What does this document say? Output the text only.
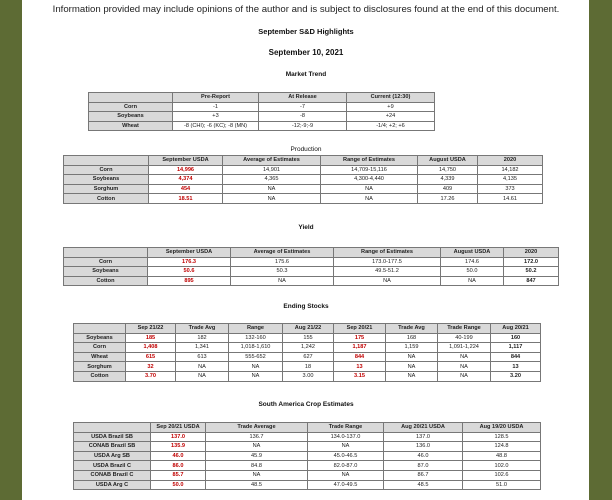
Information provided may include opinions of the author and is subject to disclosures found at the end of this document.
September S&D Highlights
September 10, 2021
Market Trend
Production
Yield
Ending Stocks
South America Crop Estimates
	Pre-Report	At Release	Current (12:30)
Corn	-1	-7	+9
Soybeans	+3	-8	+24
Wheat	-8 (CHI); -6 (KC); -8 (MN)	-12;-9;-9	-1/4; +2; +6
	September USDA	Average of Estimates	Range of Estimates	August USDA	2020
Corn	14,996	14,901	14,709-15,116	14,750	14,182
Soybeans	4,374	4,365	4,300-4,440	4,339	4,135
Sorghum	454	NA	NA	409	373
Cotton	18.51	NA	NA	17.26	14.61
	September USDA	Average of Estimates	Range of Estimates	August USDA	2020
Corn	176.3	175.6	173.0-177.5	174.6	172.0
Soybeans	50.6	50.3	49.5-51.2	50.0	50.2
Cotton	895	NA	NA	NA	847
	Sep 21/22	Trade Avg	Range	Aug 21/22	Sep 20/21	Trade Avg	Trade Range	Aug 20/21
Soybeans	185	182	132-160	155	175	168	40-199	160
Corn	1,408	1,341	1,018-1,610	1,242	1,187	1,159	1,091-1,224	1,117
Wheat	615	613	555-652	627	844	NA	NA	844
Sorghum	32	NA	NA	18	13	NA	NA	13
Cotton	3.70	NA	NA	3.00	3.15	NA	NA	3.20
	Sep 20/21 USDA	Trade Average	Trade Range	Aug 20/21 USDA	Aug 19/20 USDA
USDA Brazil SB	137.0	136.7	134.0-137.0	137.0	128.5
CONAB Brazil SB	135.9	NA	NA	136.0	124.8
USDA Arg SB	46.0	45.9	45.0-46.5	46.0	48.8
USDA Brazil C	86.0	84.8	82.0-87.0	87.0	102.0
CONAB Brazil C	85.7	NA	NA	86.7	102.6
USDA Arg C	50.0	48.5	47.0-49.5	48.5	51.0
